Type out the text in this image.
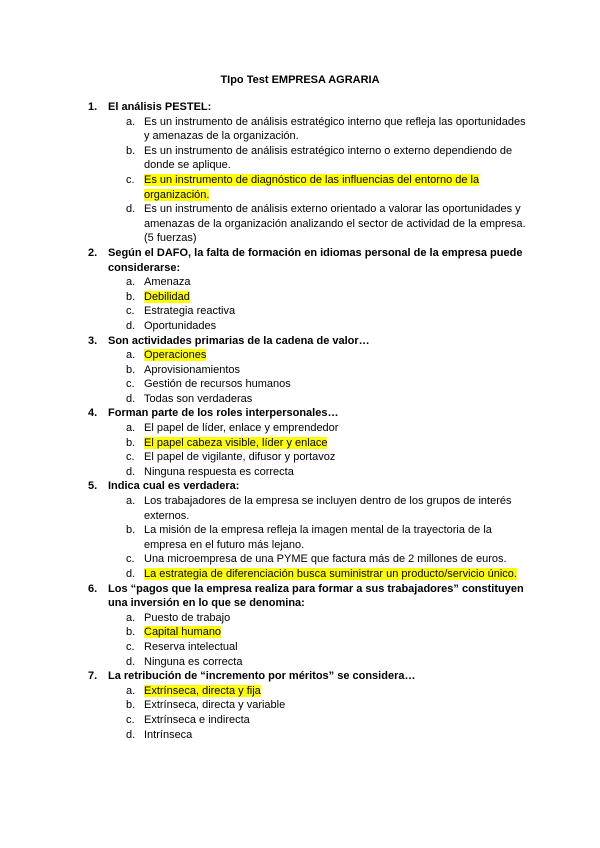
TIpo Test EMPRESA AGRARIA
1. El análisis PESTEL:
a. Es un instrumento de análisis estratégico interno que refleja las oportunidades y amenazas de la organización.
b. Es un instrumento de análisis estratégico interno o externo dependiendo de donde se aplique.
c. Es un instrumento de diagnóstico de las influencias del entorno de la organización.
d. Es un instrumento de análisis externo orientado a valorar las oportunidades y amenazas de la organización analizando el sector de actividad de la empresa. (5 fuerzas)
2. Según el DAFO, la falta de formación en idiomas personal de la empresa puede considerarse:
a. Amenaza
b. Debilidad
c. Estrategia reactiva
d. Oportunidades
3. Son actividades primarias de la cadena de valor…
a. Operaciones
b. Aprovisionamientos
c. Gestión de recursos humanos
d. Todas son verdaderas
4. Forman parte de los roles interpersonales…
a. El papel de líder, enlace y emprendedor
b. El papel cabeza visible, líder y enlace
c. El papel de vigilante, difusor y portavoz
d. Ninguna respuesta es correcta
5. Indica cual es verdadera:
a. Los trabajadores de la empresa se incluyen dentro de los grupos de interés externos.
b. La misión de la empresa refleja la imagen mental de la trayectoria de la empresa en el futuro más lejano.
c. Una microempresa de una PYME que factura más de 2 millones de euros.
d. La estrategia de diferenciación busca suministrar un producto/servicio único.
6. Los “pagos que la empresa realiza para formar a sus trabajadores” constituyen una inversión en lo que se denomina:
a. Puesto de trabajo
b. Capital humano
c. Reserva intelectual
d. Ninguna es correcta
7. La retribución de “incremento por méritos” se considera…
a. Extrínseca, directa y fija
b. Extrínseca, directa y variable
c. Extrínseca e indirecta
d. Intrínseca
